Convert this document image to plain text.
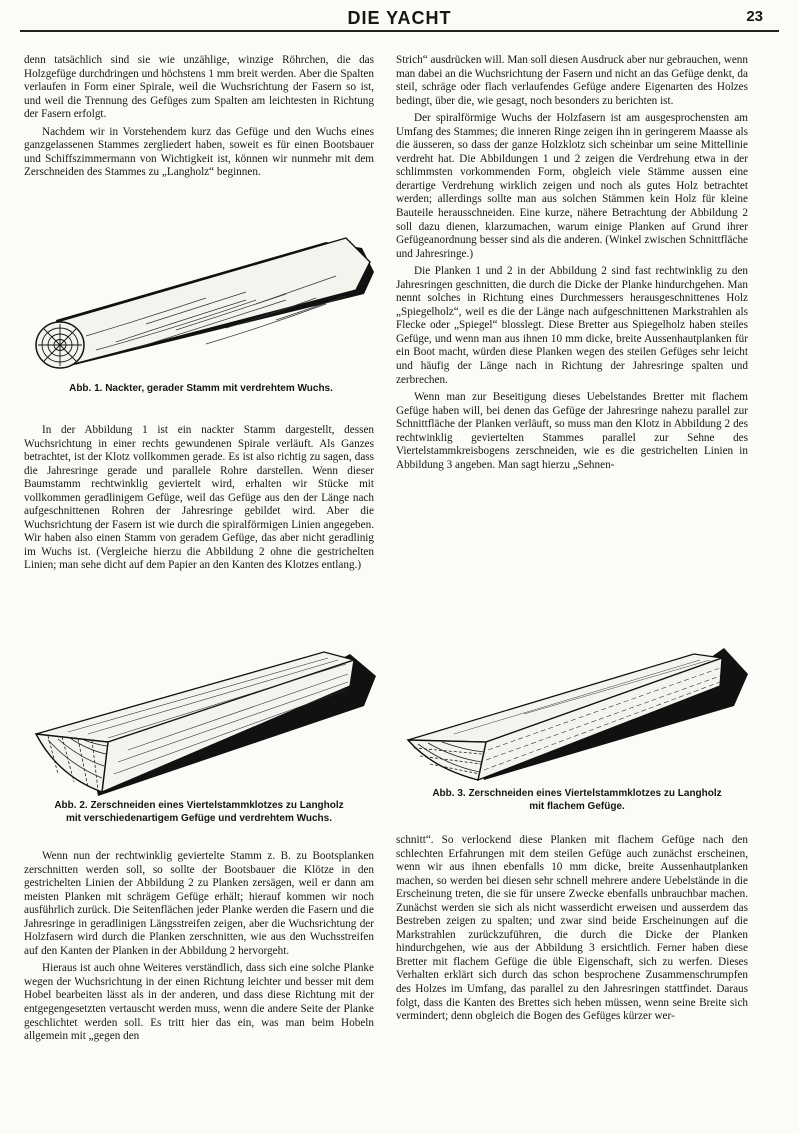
DIE YACHT	23

denn tatsächlich sind sie wie unzählige, winzige Röhrchen, die das Holzgefüge durchdringen und höchstens 1 mm breit werden. Aber die Spalten verlaufen in Form einer Spirale, weil die Wuchsrichtung der Fasern so ist, und weil die Trennung des Gefüges zum Spalten am leichtesten in Richtung der Fasern erfolgt.

Nachdem wir in Vorstehendem kurz das Gefüge und den Wuchs eines ganzgelassenen Stammes zergliedert haben, soweit es für einen Bootsbauer und Schiffszimmermann von Wichtigkeit ist, können wir nunmehr mit dem Zerschneiden des Stammes zu „Langholz“ beginnen.

Abb. 1. Nackter, gerader Stamm mit verdrehtem Wuchs.

In der Abbildung 1 ist ein nackter Stamm dargestellt, dessen Wuchsrichtung in einer rechts gewundenen Spirale verläuft. Als Ganzes betrachtet, ist der Klotz vollkommen gerade. Es ist also richtig zu sagen, dass die Jahresringe gerade und parallele Rohre darstellen. Wenn dieser Baumstamm rechtwinklig geviertelt wird, erhalten wir Stücke mit vollkommen geradlinigem Gefüge, weil das Gefüge aus den der Länge nach aufgeschnittenen Rohren der Jahresringe gebildet wird. Aber die Wuchsrichtung der Fasern ist wie durch die spiralförmigen Linien angegeben. Wir haben also einen Stamm von geradem Gefüge, das aber nicht geradlinig im Wuchs ist. (Vergleiche hierzu die Abbildung 2 ohne die gestrichelten Linien; man sehe dicht auf dem Papier an den Kanten des Klotzes entlang.)

Abb. 2. Zerschneiden eines Viertelstammklotzes zu Langholz
mit verschiedenartigem Gefüge und verdrehtem Wuchs.

Wenn nun der rechtwinklig geviertelte Stamm z. B. zu Bootsplanken zerschnitten werden soll, so sollte der Bootsbauer die Klötze in den gestrichelten Linien der Abbildung 2 zu Planken zersägen, weil er dann am meisten Planken mit schrägem Gefüge erhält; hierauf kommen wir noch ausführlich zurück. Die Seitenflächen jeder Planke werden die Fasern und die Jahresringe in geradlinigen Längsstreifen zeigen, aber die Wuchsrichtung der Holzfasern wird durch die Planken zerschnitten, wie aus den Wuchsstreifen auf den Kanten der Planken in der Abbildung 2 hervorgeht.

Hieraus ist auch ohne Weiteres verständlich, dass sich eine solche Planke wegen der Wuchsrichtung in der einen Richtung leichter und besser mit dem Hobel bearbeiten lässt als in der anderen, und dass diese Richtung mit der entgegengesetzten vertauscht werden muss, wenn die andere Seite der Planke geschlichtet werden soll. Es tritt hier das ein, was man beim Hobeln allgemein mit „gegen den

Strich“ ausdrücken will. Man soll diesen Ausdruck aber nur gebrauchen, wenn man dabei an die Wuchsrichtung der Fasern und nicht an das Gefüge denkt, da steil, schräge oder flach verlaufendes Gefüge andere Eigenarten des Holzes bedingt, über die, wie gesagt, noch besonders zu berichten ist.

Der spiralförmige Wuchs der Holzfasern ist am ausgesprochensten am Umfang des Stammes; die inneren Ringe zeigen ihn in geringerem Maasse als die äusseren, so dass der ganze Holzklotz sich scheinbar um seine Mittellinie verdreht hat. Die Abbildungen 1 und 2 zeigen die Verdrehung etwa in der schlimmsten vorkommenden Form, obgleich viele Stämme aussen eine derartige Verdrehung wirklich zeigen und noch als gutes Holz betrachtet werden; allerdings sollte man aus solchen Stämmen kein Holz für kleine Bauteile herausschneiden. Eine kurze, nähere Betrachtung der Abbildung 2 soll dazu dienen, klarzumachen, warum einige Planken auf Grund ihrer Gefügeanordnung besser sind als die anderen. (Winkel zwischen Schnittfläche und Jahresringe.)

Die Planken 1 und 2 in der Abbildung 2 sind fast rechtwinklig zu den Jahresringen geschnitten, die durch die Dicke der Planke hindurchgehen. Man nennt solches in Richtung eines Durchmessers herausgeschnittenes Holz „Spiegelholz“, weil es die der Länge nach aufgeschnittenen Markstrahlen als Flecke oder „Spiegel“ blosslegt. Diese Bretter aus Spiegelholz haben steiles Gefüge, und wenn man aus ihnen 10 mm dicke, breite Aussenhautplanken für ein Boot macht, würden diese Planken wegen des steilen Gefüges sehr leicht und häufig der Länge nach in Richtung der Jahresringe spalten und zerbrechen.

Wenn man zur Beseitigung dieses Uebelstandes Bretter mit flachem Gefüge haben will, bei denen das Gefüge der Jahresringe nahezu parallel zur Schnittfläche der Planken verläuft, so muss man den Klotz in Abbildung 2 des rechtwinklig geviertelten Stammes parallel zur Sehne des Viertelstammkreisbogens zerschneiden, wie es die gestrichelten Linien in Abbildung 3 angeben. Man sagt hierzu „Sehnen-

Abb. 3. Zerschneiden eines Viertelstammklotzes zu Langholz
mit flachem Gefüge.

schnitt“. So verlockend diese Planken mit flachem Gefüge nach den schlechten Erfahrungen mit dem steilen Gefüge auch zunächst erscheinen, wenn wir aus ihnen ebenfalls 10 mm dicke, breite Aussenhautplanken machen, so werden bei diesen sehr schnell mehrere andere Uebelstände in die Erscheinung treten, die sie für unsere Zwecke ebenfalls unbrauchbar machen. Zunächst werden sie sich als nicht wasserdicht erweisen und ausserdem das Bestreben zeigen zu spalten; und zwar sind beide Erscheinungen auf die Markstrahlen zurückzuführen, die durch die Dicke der Planken hindurchgehen, wie aus der Abbildung 3 ersichtlich. Ferner haben diese Bretter mit flachem Gefüge die üble Eigenschaft, sich zu werfen. Dieses Verhalten erklärt sich durch das schon besprochene Zusammenschrumpfen des Holzes im Umfang, das parallel zu den Jahresringen stattfindet. Daraus folgt, dass die Kanten des Brettes sich heben müssen, wenn seine Breite sich vermindert; denn obgleich die Bogen des Gefüges kürzer wer-
